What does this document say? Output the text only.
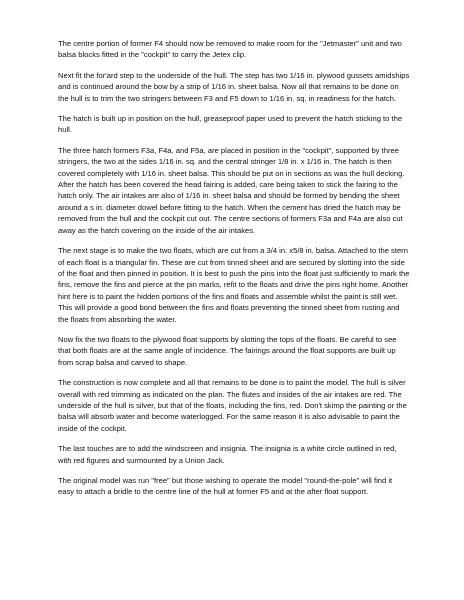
The centre portion of former F4 should now be removed to make room for the "Jetmaster" unit and two balsa blocks fitted in the "cockpit" to carry the Jetex clip.

Next fit the for'ard step to the underside of the hull. The step has two 1/16 in. plywood gussets amidships and is continued around the bow by a strip of 1/16 in. sheet balsa. Now all that remains to be done on the hull is to trim the two stringers between F3 and F5 down to 1/16 in. sq. in readiness for the hatch.

The hatch is built up in position on the hull, greaseproof paper used to prevent the hatch sticking to the hull.

The three hatch formers F3a, F4a, and F5a, are placed in position in the "cockpit", supported by three stringers, the two at the sides 1/16 in. sq. and the central stringer 1/8 in. x 1/16 in. The hatch is then covered completely with 1/16 in. sheet balsa. This should be put on in sections as was the hull decking. After the hatch has been covered the head fairing is added, care being taken to stick the fairing to the hatch only. The air intakes are also of 1/16 in. sheet balsa and should be formed by bending the sheet around a s in. diameter dowel before fitting to the hatch. When the cement has dried the hatch may be removed from the hull and the cockpit cut out. The centre sections of formers F3a and F4a are also cut away as the hatch covering on the inside of the air intakes.

The next stage is to make the two floats, which are cut from a 3/4 in. x5/8 in. balsa. Attached to the stern of each float is a triangular fin. These are cut from tinned sheet and are secured by slotting into the side of the float and then pinned in position. It is best to push the pins into the float just sufficiently to mark the fins, remove the fins and pierce at the pin marks, refit to the floats and drive the pins right home. Another hint here is to paint the hidden portions of the fins and floats and assemble whilst the paint is still wet. This will provide a good bond between the fins and floats preventing the tinned sheet from rusting and the floats from absorbing the water.

Now fix the two floats to the plywood float supports by slotting the tops of the floats. Be careful to see that both floats are at the same angle of incidence. The fairings around the float supports are built up from scrap balsa and carved to shape.

The construction is now complete and all that remains to be done is to paint the model. The hull is silver overall with red trimming as indicated on the plan. The flutes and insides of the air intakes are red. The underside of the hull is silver, but that of the floats, including the fins, red. Don't skimp the painting or the balsa will absorb water and become waterlogged. For the same reason it is also advisable to paint the inside of the cockpit.

The last touches are to add the windscreen and insignia. The insignia is a white circle outlined in red, with red figures and surmounted by a Union Jack.

The original model was run "free" but those wishing to operate the model "round-the-pole" will find it easy to attach a bridle to the centre line of the hull at former F5 and at the after float support.
